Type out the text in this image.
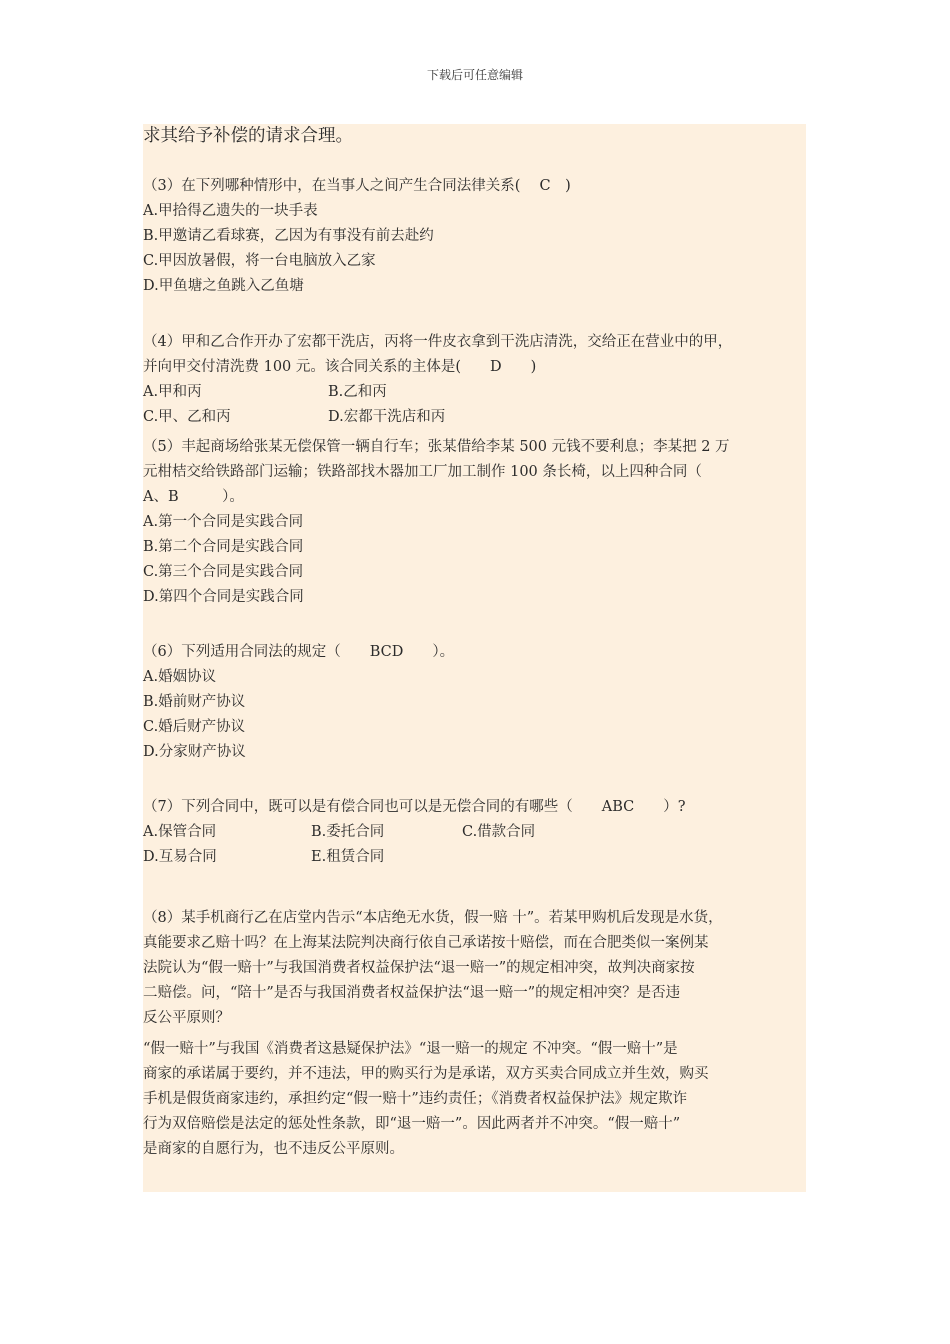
下载后可任意编辑
求其给予补偿的请求合理。
（3）在下列哪种情形中，在当事人之间产生合同法律关系(　 C　)
A.甲拾得乙遗失的一块手表
B.甲邀请乙看球赛，乙因为有事没有前去赴约
C.甲因放暑假，将一台电脑放入乙家
D.甲鱼塘之鱼跳入乙鱼塘
（4）甲和乙合作开办了宏都干洗店，丙将一件皮衣拿到干洗店清洗，交给正在营业中的甲，
并向甲交付清洗费 100 元。该合同关系的主体是(　　D　　)
A.甲和丙	B.乙和丙
C.甲、乙和丙	D.宏都干洗店和丙
（5）丰起商场给张某无偿保管一辆自行车；张某借给李某 500 元钱不要利息；李某把 2 万
元柑桔交给铁路部门运输；铁路部找木器加工厂加工制作 100 条长椅，以上四种合同（
A、B　　　）。
A.第一个合同是实践合同
B.第二个合同是实践合同
C.第三个合同是实践合同
D.第四个合同是实践合同
（6）下列适用合同法的规定（　　BCD　　）。
A.婚姻协议
B.婚前财产协议
C.婚后财产协议
D.分家财产协议
（7）下列合同中，既可以是有偿合同也可以是无偿合同的有哪些（　　ABC　　）?
A.保管合同	B.委托合同	C.借款合同
D.互易合同	E.租赁合同
（8）某手机商行乙在店堂内告示“本店绝无水货，假一赔 十”。若某甲购机后发现是水货，
真能要求乙赔十吗？在上海某法院判决商行依自己承诺按十赔偿，而在合肥类似一案例某
法院认为“假一赔十”与我国消费者权益保护法“退一赔一”的规定相冲突，故判决商家按
二赔偿。问，“陪十”是否与我国消费者权益保护法“退一赔一”的规定相冲突？是否违
反公平原则？
“假一赔十”与我国《消费者这悬疑保护法》“退一赔一的规定 不冲突。“假一赔十”是
商家的承诺属于要约，并不违法，甲的购买行为是承诺，双方买卖合同成立并生效，购买
手机是假货商家违约，承担约定“假一赔十”违约责任；《消费者权益保护法》规定欺诈
行为双倍赔偿是法定的惩处性条款，即“退一赔一”。因此两者并不冲突。“假一赔十”
是商家的自愿行为，也不违反公平原则。
